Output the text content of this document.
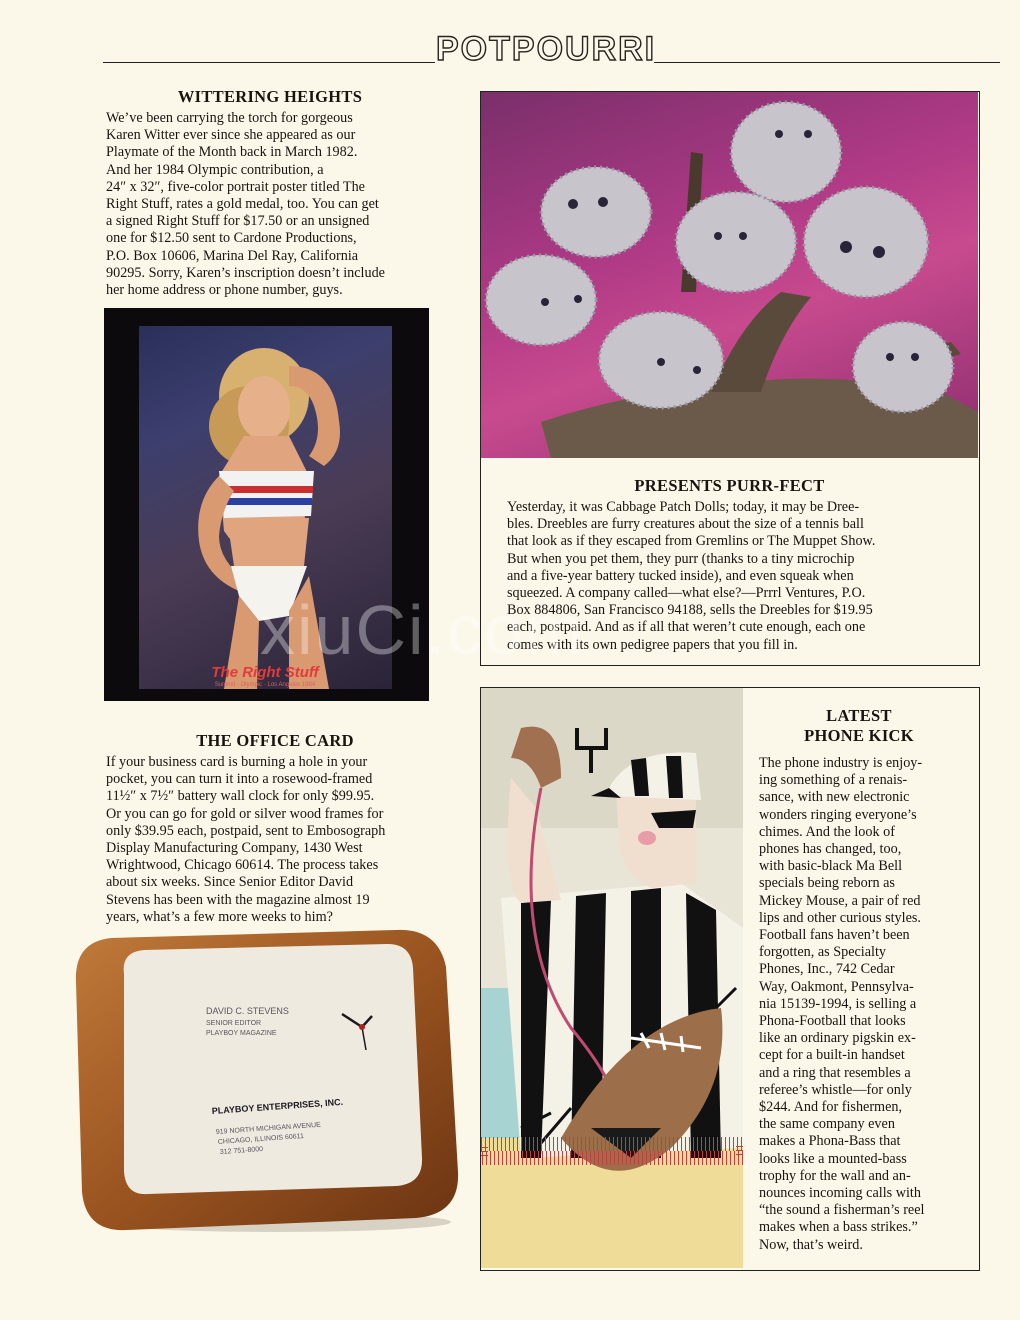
POTPOURRI
WITTERING HEIGHTS

We’ve been carrying the torch for gorgeous

Karen Witter ever since she appeared as our

Playmate of the Month back in March 1982.

And her 1984 Olympic contribution, a

24″ x 32″, five-color portrait poster titled The

Right Stuff, rates a gold medal, too. You can get

a signed Right Stuff for $17.50 or an unsigned

one for $12.50 sent to Cardone Productions,

P.O. Box 10606, Marina Del Ray, California

90295. Sorry, Karen’s inscription doesn’t include

her home address or phone number, guys.

The Right Stuff
Summit · Olympic · Los Angeles 1984
THE OFFICE CARD

If your business card is burning a hole in your

pocket, you can turn it into a rosewood-framed

11½″ x 7½″ battery wall clock for only $99.95.

Or you can go for gold or silver wood frames for

only $39.95 each, postpaid, sent to Embosograph

Display Manufacturing Company, 1430 West

Wrightwood, Chicago 60614. The process takes

about six weeks. Since Senior Editor David

Stevens has been with the magazine almost 19

years, what’s a few more weeks to him?

DAVID C. STEVENS
SENIOR EDITOR
PLAYBOY MAGAZINE
PLAYBOY ENTERPRISES, INC.
919 NORTH MICHIGAN AVENUE
CHICAGO, ILLINOIS 60611
312 751-8000
PRESENTS PURR-FECT

Yesterday, it was Cabbage Patch Dolls; today, it may be Dree-

bles. Dreebles are furry creatures about the size of a tennis ball

that look as if they escaped from Gremlins or The Muppet Show.

But when you pet them, they purr (thanks to a tiny microchip

and a five-year battery tucked inside), and even squeak when

squeezed. A company called—what else?—Prrrl Ventures, P.O.

Box 884806, San Francisco 94188, sells the Dreebles for $19.95

each, postpaid. And as if all that weren’t cute enough, each one

comes with its own pedigree papers that you fill in.

LATEST
PHONE KICK

The phone industry is enjoy-

ing something of a renais-

sance, with new electronic

wonders ringing everyone’s

chimes. And the look of

phones has changed, too,

with basic-black Ma Bell

specials being reborn as

Mickey Mouse, a pair of red

lips and other curious styles.

Football fans haven’t been

forgotten, as Specialty

Phones, Inc., 742 Cedar

Way, Oakmont, Pennsylva-

nia 15139-1994, is selling a

Phona-Football that looks

like an ordinary pigskin ex-

cept for a built-in handset

and a ring that resembles a

referee’s whistle—for only

$244. And for fishermen,

the same company even

makes a Phona-Bass that

looks like a mounted-bass

trophy for the wall and an-

nounces incoming calls with

“the sound a fisherman’s reel

makes when a bass strikes.”

Now, that’s weird.

xiuCi.com
